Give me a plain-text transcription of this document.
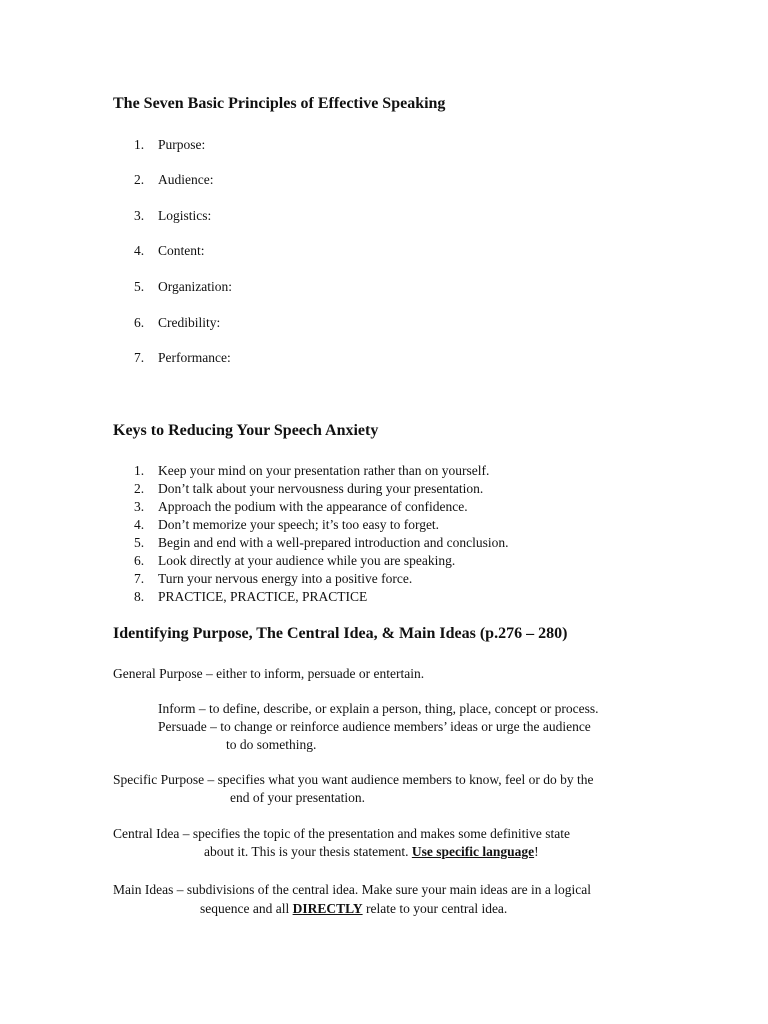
The Seven Basic Principles of Effective Speaking
1. Purpose:
2. Audience:
3. Logistics:
4. Content:
5. Organization:
6. Credibility:
7. Performance:
Keys to Reducing Your Speech Anxiety
1. Keep your mind on your presentation rather than on yourself.
2. Don’t talk about your nervousness during your presentation.
3. Approach the podium with the appearance of confidence.
4. Don’t memorize your speech; it’s too easy to forget.
5. Begin and end with a well-prepared introduction and conclusion.
6. Look directly at your audience while you are speaking.
7. Turn your nervous energy into a positive force.
8. PRACTICE, PRACTICE, PRACTICE
Identifying Purpose, The Central Idea, & Main Ideas (p.276 – 280)
General Purpose – either to inform, persuade or entertain.
Inform – to define, describe, or explain a person, thing, place, concept or process.
Persuade – to change or reinforce audience members’ ideas or urge the audience
to do something.
Specific Purpose – specifies what you want audience members to know, feel or do by the
end of your presentation.
Central Idea – specifies the topic of the presentation and makes some definitive state
about it. This is your thesis statement. Use specific language!
Main Ideas – subdivisions of the central idea. Make sure your main ideas are in a logical
sequence and all DIRECTLY relate to your central idea.
